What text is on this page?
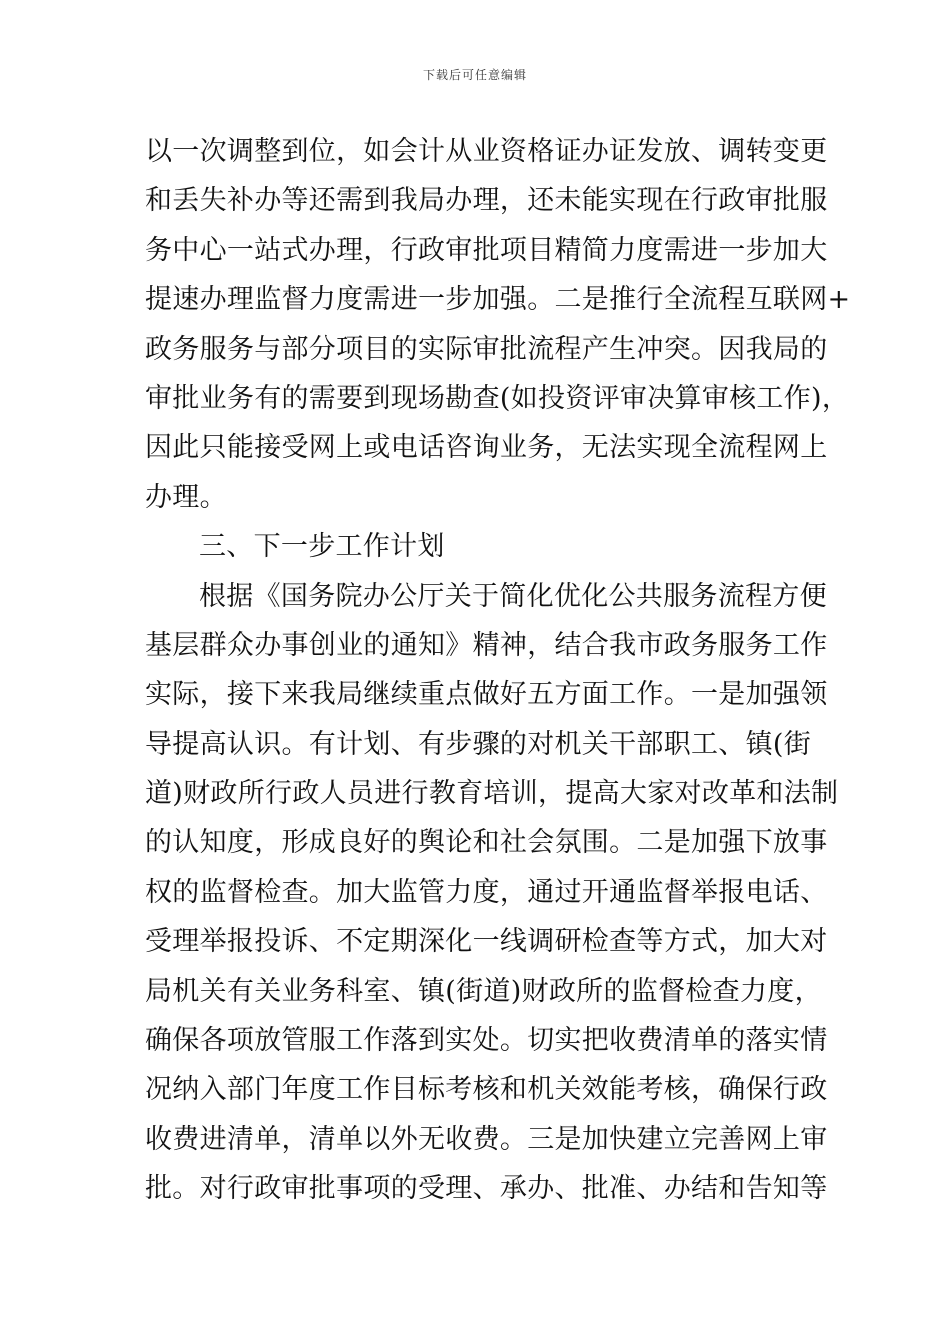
下载后可任意编辑
以一次调整到位，如会计从业资格证办证发放、调转变更
和丢失补办等还需到我局办理，还未能实现在行政审批服
务中心一站式办理，行政审批项目精简力度需进一步加大
提速办理监督力度需进一步加强。二是推行全流程互联网+
政务服务与部分项目的实际审批流程产生冲突。因我局的
审批业务有的需要到现场勘查(如投资评审决算审核工作)，
因此只能接受网上或电话咨询业务，无法实现全流程网上
办理。
三、下一步工作计划
根据《国务院办公厅关于简化优化公共服务流程方便
基层群众办事创业的通知》精神，结合我市政务服务工作
实际，接下来我局继续重点做好五方面工作。一是加强领
导提高认识。有计划、有步骤的对机关干部职工、镇(街
道)财政所行政人员进行教育培训，提高大家对改革和法制
的认知度，形成良好的舆论和社会氛围。二是加强下放事
权的监督检查。加大监管力度，通过开通监督举报电话、
受理举报投诉、不定期深化一线调研检查等方式，加大对
局机关有关业务科室、镇(街道)财政所的监督检查力度，
确保各项放管服工作落到实处。切实把收费清单的落实情
况纳入部门年度工作目标考核和机关效能考核，确保行政
收费进清单，清单以外无收费。三是加快建立完善网上审
批。对行政审批事项的受理、承办、批准、办结和告知等
